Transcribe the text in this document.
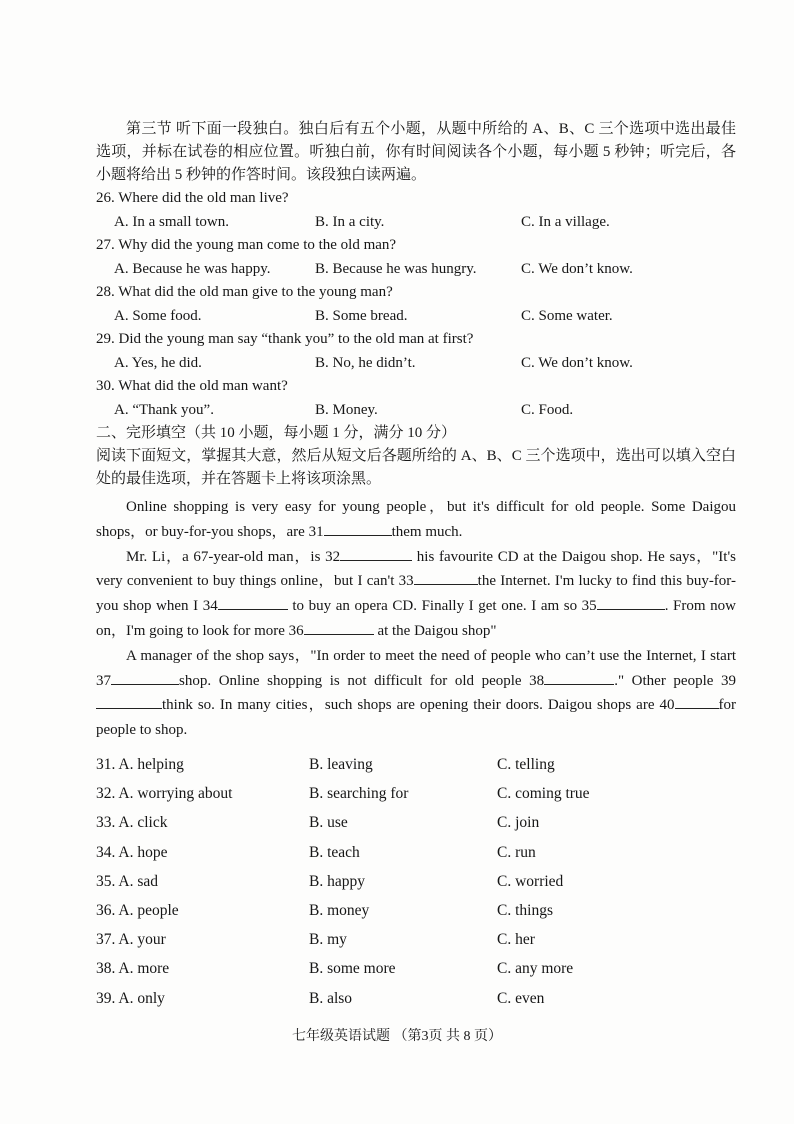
第三节 听下面一段独白。独白后有五个小题，从题中所给的 A、B、C 三个选项中选出最佳选项，并标在试卷的相应位置。听独白前，你有时间阅读各个小题，每小题 5 秒钟；听完后，各小题将给出 5 秒钟的作答时间。该段独白读两遍。

26. Where did the old man live?

A. In a small town.	B. In a city.	C. In a village.

27. Why did the young man come to the old man?

A. Because he was happy.	B. Because he was hungry.	C. We don’t know.

28. What did the old man give to the young man?

A. Some food.	B. Some bread.	C. Some water.

29. Did the young man say “thank you” to the old man at first?

A. Yes, he did.	B. No, he didn’t.	C. We don’t know.

30. What did the old man want?

A. “Thank you”.	B. Money.	C. Food.

二、完形填空（共 10 小题，每小题 1 分，满分 10 分）

阅读下面短文，掌握其大意，然后从短文后各题所给的 A、B、C 三个选项中，选出可以填入空白处的最佳选项，并在答题卡上将该项涂黑。

Online shopping is very easy for young people，but it's difficult for old people. Some Daigou shops，or buy-for-you shops，are 31	them much.

Mr. Li，a 67-year-old man，is 32	his favourite CD at the Daigou shop. He says，"It's very convenient to buy things online，but I can't 33	the Internet. I'm lucky to find this buy-for-you shop when I 34	to buy an opera CD. Finally I get one. I am so 35	. From now on，I'm going to look for more 36	at the Daigou shop"

A manager of the shop says，"In order to meet the need of people who can’t use the Internet, I start 37	shop. Online shopping is not difficult for old people 38	." Other people 39think so. In many cities，such shops are opening their doors. Daigou shops are 40	for people to shop.

31. A. helping	B. leaving	C. telling
32. A. worrying about	B. searching for	C. coming true
33. A. click	B. use	C. join
34. A. hope	B. teach	C. run
35. A. sad	B. happy	C. worried
36. A. people	B. money	C. things
37. A. your	B. my	C. her
38. A. more	B. some more	C. any more
39. A. only	B. also	C. even
七年级英语试题 （第3页 共 8 页）
